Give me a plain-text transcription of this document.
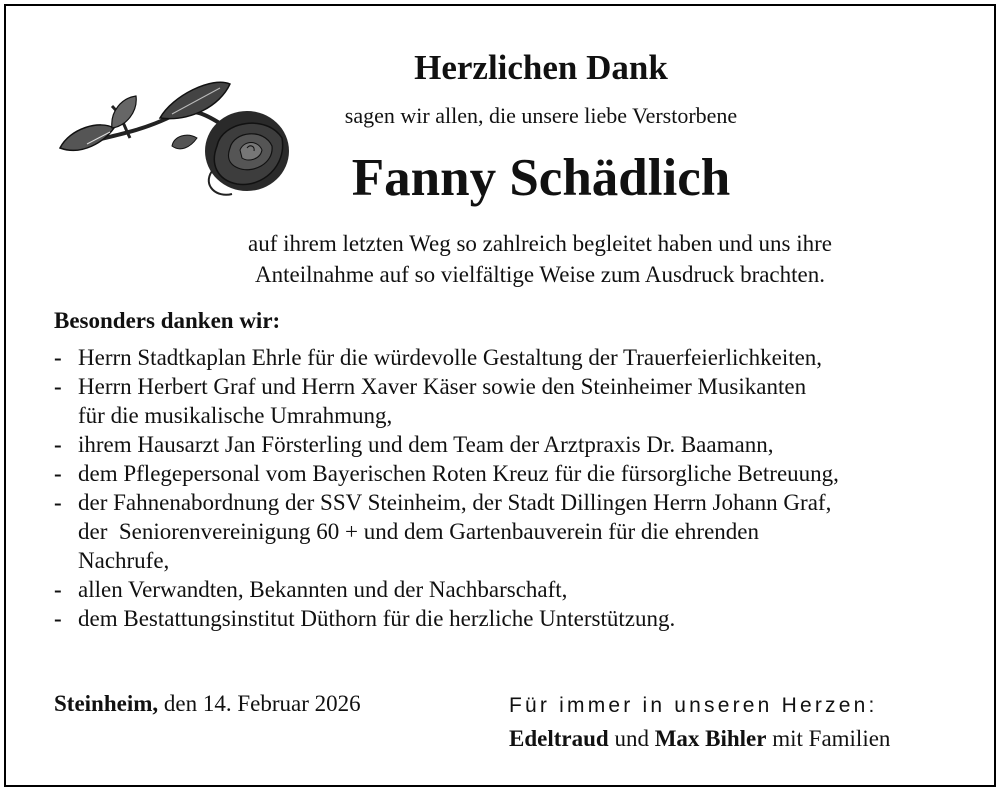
Herzlichen Dank
sagen wir allen, die unsere liebe Verstorbene
Fanny Schädlich
auf ihrem letzten Weg so zahlreich begleitet haben und uns ihre
Anteilnahme auf so vielfältige Weise zum Ausdruck brachten.
Besonders danken wir:
- Herrn Stadtkaplan Ehrle für die würdevolle Gestaltung der Trauerfeierlichkeiten,
- Herrn Herbert Graf und Herrn Xaver Käser sowie den Steinheimer Musikanten
für die musikalische Umrahmung,
- ihrem Hausarzt Jan Försterling und dem Team der Arztpraxis Dr. Baamann,
- dem Pflegepersonal vom Bayerischen Roten Kreuz für die fürsorgliche Betreuung,
- der Fahnenabordnung der SSV Steinheim, der Stadt Dillingen Herrn Johann Graf,
der  Seniorenvereinigung 60 + und dem Gartenbauverein für die ehrenden
Nachrufe,
- allen Verwandten, Bekannten und der Nachbarschaft,
- dem Bestattungsinstitut Düthorn für die herzliche Unterstützung.
Steinheim, den 14. Februar 2026	Für immer in unseren Herzen:
Edeltraud und Max Bihler mit Familien
